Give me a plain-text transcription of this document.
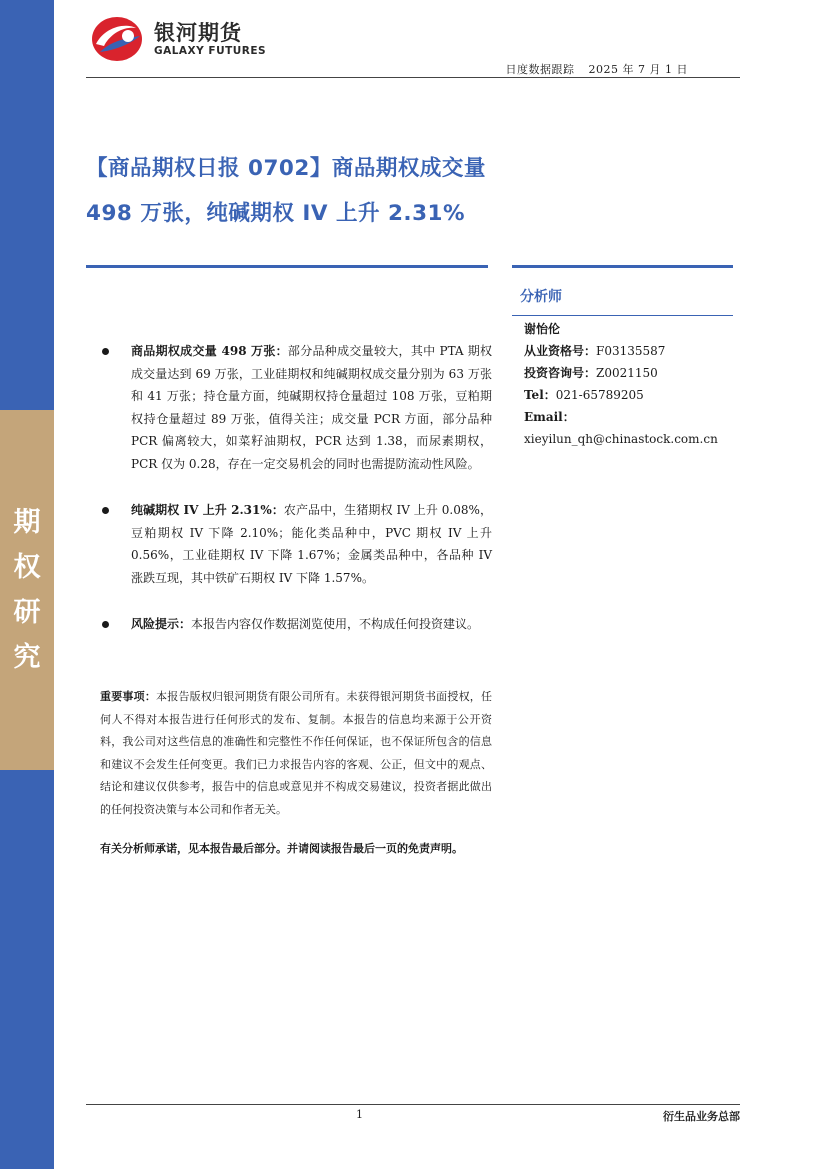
期
权
研
究
银河期货
GALAXY FUTURES
日度数据跟踪 2025 年 7 月 1 日
【商品期权日报 0702】商品期权成交量 498 万张，纯碱期权 IV 上升 2.31%
分析师
谢怡伦
从业资格号：F03135587
投资咨询号：Z0021150
Tel：021-65789205
Email：
xieyilun_qh@chinastock.com.cn
商品期权成交量 498 万张：部分品种成交量较大，其中 PTA 期权成交量达到 69 万张，工业硅期权和纯碱期权成交量分别为 63 万张和 41 万张；持仓量方面，纯碱期权持仓量超过 108 万张，豆粕期权持仓量超过 89 万张，值得关注；成交量 PCR 方面，部分品种 PCR 偏离较大，如菜籽油期权，PCR 达到 1.38，而尿素期权，PCR 仅为 0.28，存在一定交易机会的同时也需提防流动性风险。
纯碱期权 IV 上升 2.31%：农产品中，生猪期权 IV 上升 0.08%，豆粕期权 IV 下降 2.10%；能化类品种中，PVC 期权 IV 上升 0.56%，工业硅期权 IV 下降 1.67%；金属类品种中，各品种 IV 涨跌互现，其中铁矿石期权 IV 下降 1.57%。
风险提示：本报告内容仅作数据浏览使用，不构成任何投资建议。
重要事项：本报告版权归银河期货有限公司所有。未获得银河期货书面授权，任何人不得对本报告进行任何形式的发布、复制。本报告的信息均来源于公开资料，我公司对这些信息的准确性和完整性不作任何保证，也不保证所包含的信息和建议不会发生任何变更。我们已力求报告内容的客观、公正，但文中的观点、结论和建议仅供参考，报告中的信息或意见并不构成交易建议，投资者据此做出的任何投资决策与本公司和作者无关。
有关分析师承诺，见本报告最后部分。并请阅读报告最后一页的免责声明。
1	衍生品业务总部
